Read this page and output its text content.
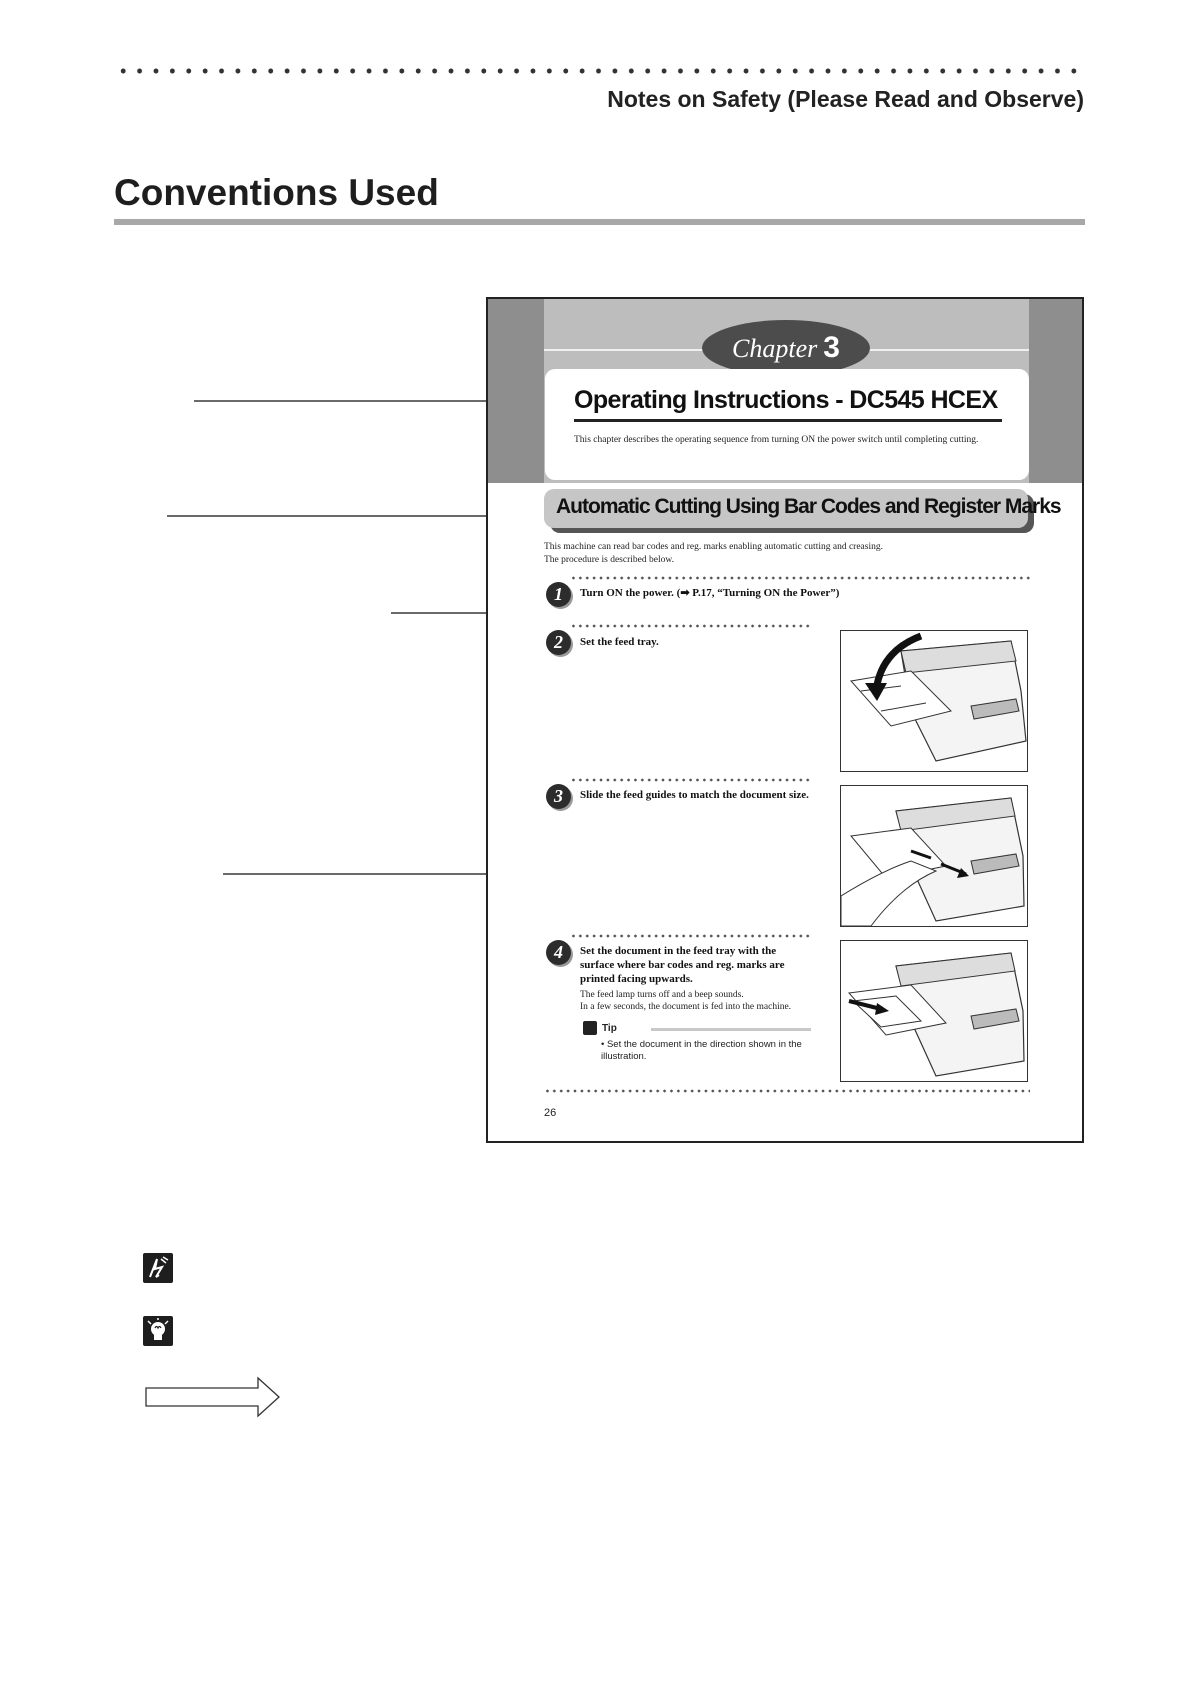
Notes on Safety (Please Read and Observe)
Conventions Used
Chapter 3
Operating Instructions - DC545 HCEX
This chapter describes the operating sequence from turning ON the power switch until completing cutting.
Automatic Cutting Using Bar Codes and Register Marks
This machine can read bar codes and reg. marks enabling automatic cutting and creasing.
The procedure is described below.
1	Turn ON the power. (➡ P.17, “Turning ON the Power”)
2	Set the feed tray.
3	Slide the feed guides to match the document size.
4	Set the document in the feed tray with the surface where bar codes and reg. marks are printed facing upwards.
The feed lamp turns off and a beep sounds.
In a few seconds, the document is fed into the machine.
Tip
• Set the document in the direction shown in the illustration.
26
